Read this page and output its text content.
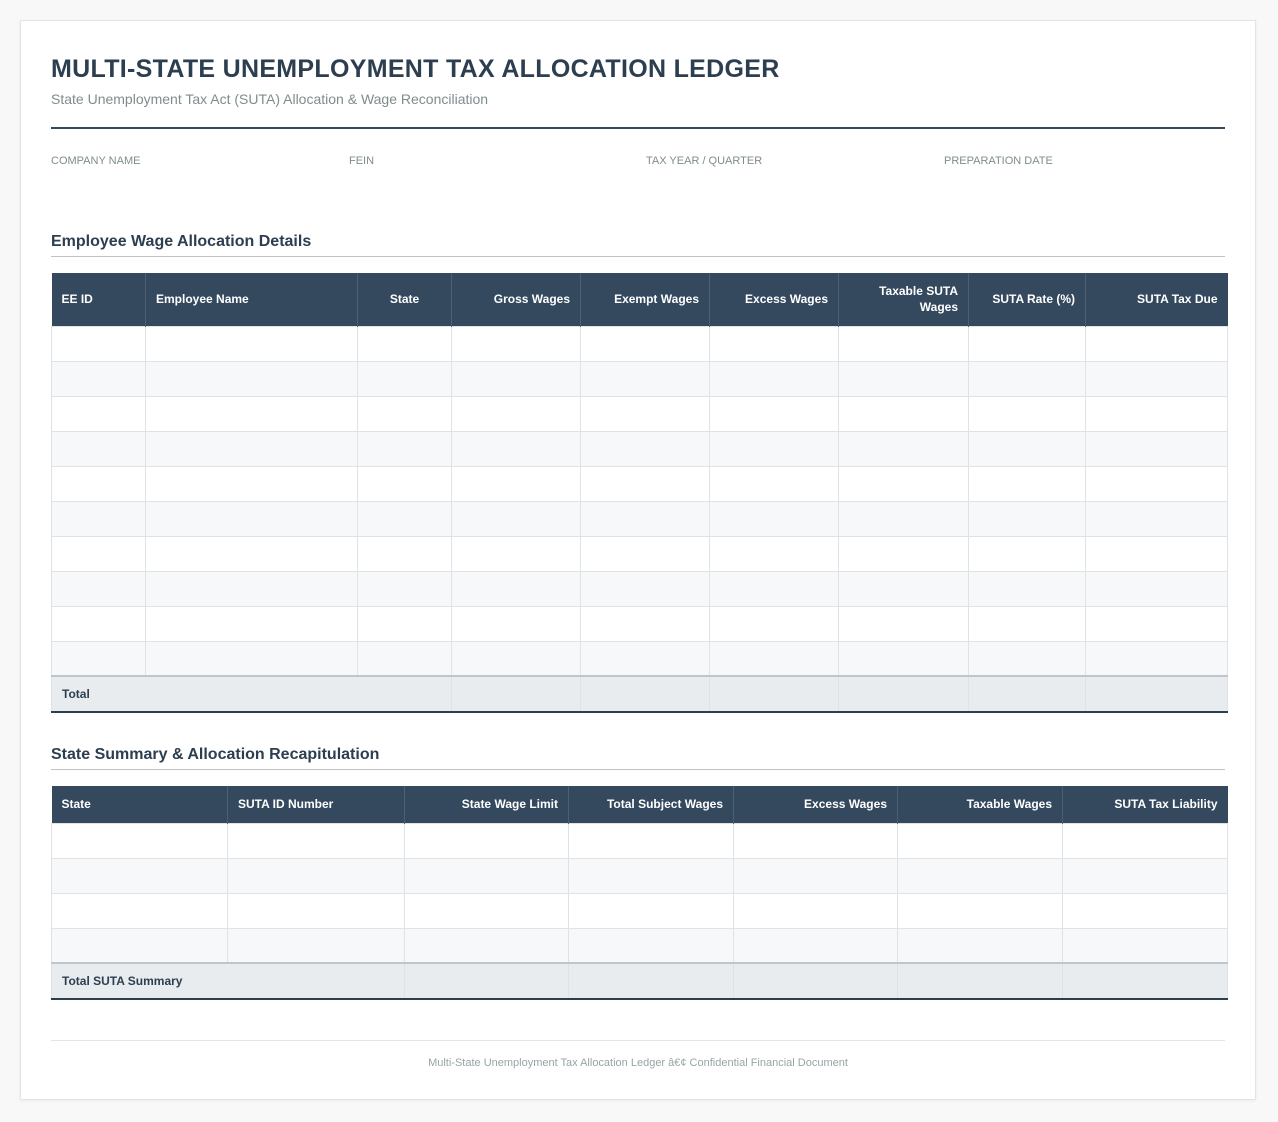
MULTI-STATE UNEMPLOYMENT TAX ALLOCATION LEDGER
State Unemployment Tax Act (SUTA) Allocation & Wage Reconciliation
COMPANY NAME	FEIN	TAX YEAR / QUARTER	PREPARATION DATE
Employee Wage Allocation Details
EE ID	Employee Name	State	Gross Wages	Exempt Wages	Excess Wages	Taxable SUTA Wages	SUTA Rate (%)	SUTA Tax Due

Total								
State Summary & Allocation Recapitulation
State	SUTA ID Number	State Wage Limit	Total Subject Wages	Excess Wages	Taxable Wages	SUTA Tax Liability

Total SUTA Summary						
Multi-State Unemployment Tax Allocation Ledger â€¢ Confidential Financial Document
